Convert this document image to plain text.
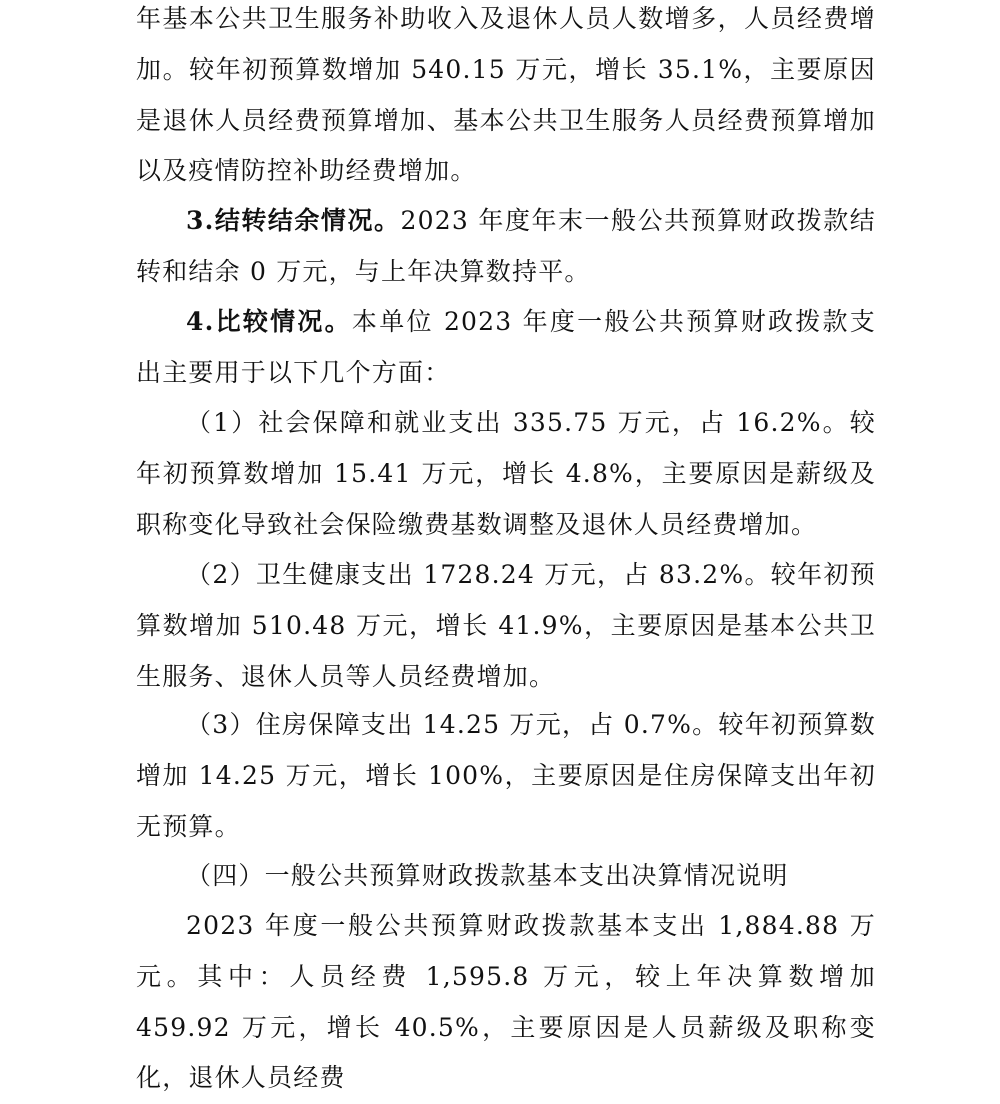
年基本公共卫生服务补助收入及退休人员人数增多，人员经费增加。较年初预算数增加 540.15 万元，增长 35.1%，主要原因是退休人员经费预算增加、基本公共卫生服务人员经费预算增加以及疫情防控补助经费增加。

3.结转结余情况。2023 年度年末一般公共预算财政拨款结转和结余 0 万元，与上年决算数持平。

4.比较情况。本单位 2023 年度一般公共预算财政拨款支出主要用于以下几个方面：

（1）社会保障和就业支出 335.75 万元，占 16.2%。较年初预算数增加 15.41 万元，增长 4.8%，主要原因是薪级及职称变化导致社会保险缴费基数调整及退休人员经费增加。

（2）卫生健康支出 1728.24 万元，占 83.2%。较年初预算数增加 510.48 万元，增长 41.9%，主要原因是基本公共卫生服务、退休人员等人员经费增加。

（3）住房保障支出 14.25 万元，占 0.7%。较年初预算数增加 14.25 万元，增长 100%，主要原因是住房保障支出年初无预算。

（四）一般公共预算财政拨款基本支出决算情况说明

2023 年度一般公共预算财政拨款基本支出 1,884.88 万元。其中：人员经费 1,595.8 万元，较上年决算数增加 459.92 万元，增长 40.5%，主要原因是人员薪级及职称变化，退休人员经费
